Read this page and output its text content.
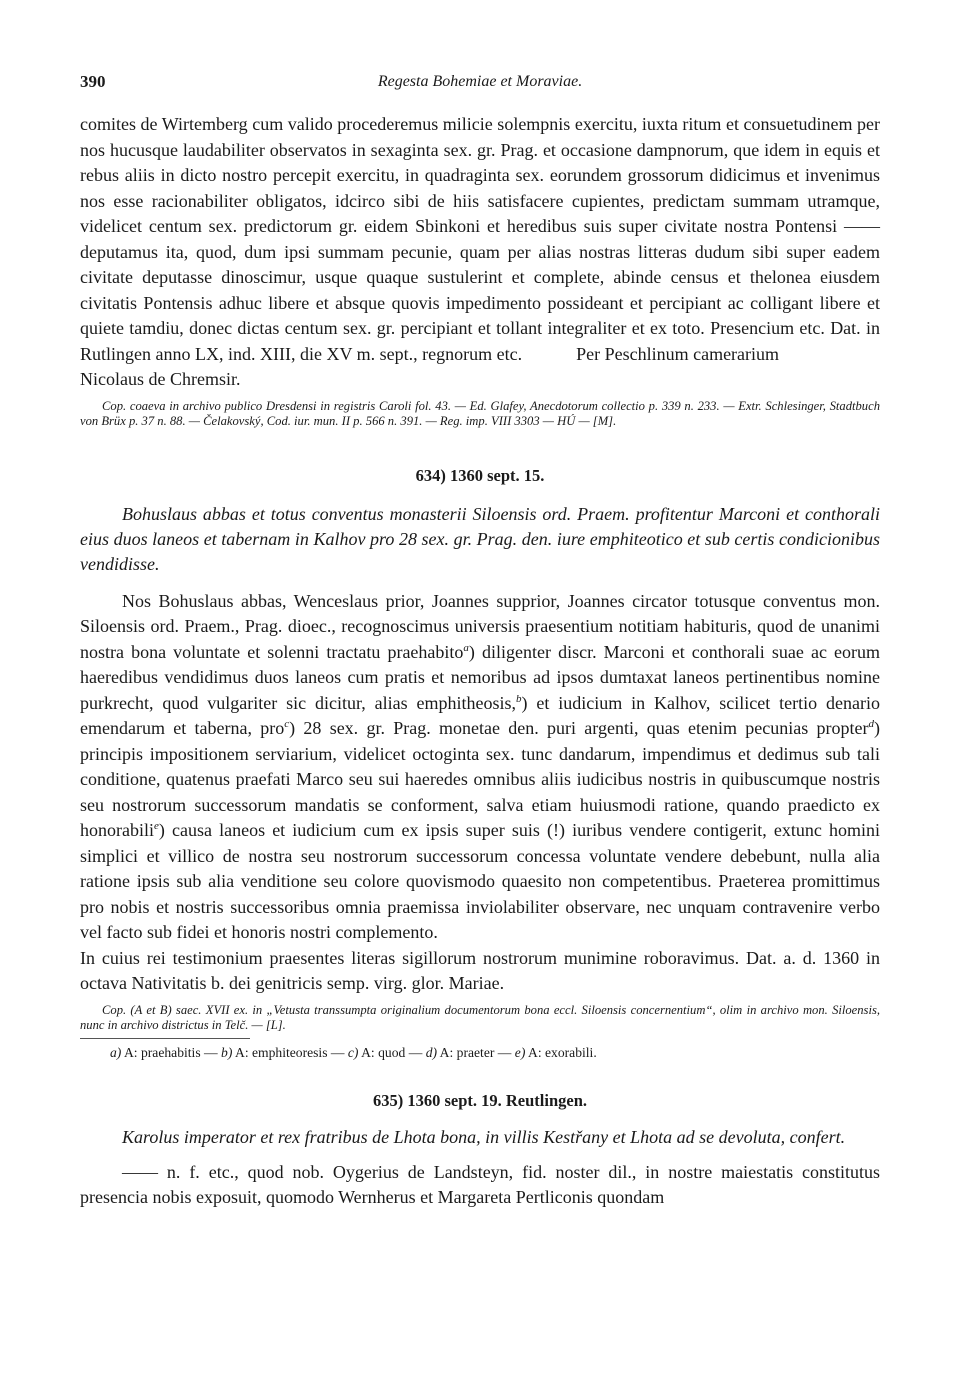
390	Regesta Bohemiae et Moraviae.

comites de Wirtemberg cum valido procederemus milicie solempnis exercitu, iuxta ritum et consuetudinem per nos hucusque laudabiliter observatos in sexaginta sex. gr. Prag. et occasione dampnorum, que idem in equis et rebus aliis in dicto nostro percepit exercitu, in quadraginta sex. eorundem grossorum didicimus et invenimus nos esse racionabiliter obligatos, idcirco sibi de hiis satisfacere cupientes, predictam summam utramque, videlicet centum sex. predictorum gr. eidem Sbinkoni et heredibus suis super civitate nostra Pontensi ―― deputamus ita, quod, dum ipsi summam pecunie, quam per alias nostras litteras dudum sibi super eadem civitate deputasse dinoscimur, usque quaque sustulerint et complete, abinde census et thelonea eiusdem civitatis Pontensis adhuc libere et absque quovis impedimento possideant et percipiant ac colligant libere et quiete tamdiu, donec dictas centum sex. gr. percipiant et tollant integraliter et ex toto. Presencium etc. Dat. in Rutlingen anno LX, ind. XIII, die XV m. sept., regnorum etc.	Per Peschlinum camerarium

Nicolaus de Chremsir.

Cop. coaeva in archivo publico Dresdensi in registris Caroli fol. 43. — Ed. Glafey, Anecdotorum collectio p. 339 n. 233. — Extr. Schlesinger, Stadtbuch von Brüx p. 37 n. 88. — Čelakovský, Cod. iur. mun. II p. 566 n. 391. — Reg. imp. VIII 3303 — HÚ — [M].

634) 1360 sept. 15.

Bohuslaus abbas et totus conventus monasterii Siloensis ord. Praem. profitentur Marconi et conthorali eius duos laneos et tabernam in Kalhov pro 28 sex. gr. Prag. den. iure emphiteotico et sub certis condicionibus vendidisse.

Nos Bohuslaus abbas, Wenceslaus prior, Joannes supprior, Joannes circator totusque conventus mon. Siloensis ord. Praem., Prag. dioec., recognoscimus universis praesentium notitiam habituris, quod de unanimi nostra bona voluntate et solenni tractatu praehabito$^a$) diligenter discr. Marconi et conthorali suae ac eorum haeredibus vendidimus duos laneos cum pratis et nemoribus ad ipsos dumtaxat laneos pertinentibus nomine purkrecht, quod vulgariter sic dicitur, alias emphitheosis,$^b$) et iudicium in Kalhov, scilicet tertio denario emendarum et taberna, pro$^c$) 28 sex. gr. Prag. monetae den. puri argenti, quas etenim pecunias propter$^d$) principis impositionem serviarium, videlicet octoginta sex. tunc dandarum, impendimus et dedimus sub tali conditione, quatenus praefati Marco seu sui haeredes omnibus aliis iudicibus nostris in quibuscumque nostris seu nostrorum successorum mandatis se conforment, salva etiam huiusmodi ratione, quando praedicto ex honorabili$^e$) causa laneos et iudicium cum ex ipsis super suis (!) iuribus vendere contigerit, extunc homini simplici et villico de nostra seu nostrorum successorum concessa voluntate vendere debebunt, nulla alia ratione ipsis sub alia venditione seu colore quovismodo quaesito non competentibus. Praeterea promittimus pro nobis et nostris successoribus omnia praemissa inviolabiliter observare, nec unquam contravenire verbo vel facto sub fidei et honoris nostri complemento.

In cuius rei testimonium praesentes literas sigillorum nostrorum munimine roboravimus. Dat. a. d. 1360 in octava Nativitatis b. dei genitricis semp. virg. glor. Mariae.

Cop. (A et B) saec. XVII ex. in „Vetusta transsumpta originalium documentorum bona eccl. Siloensis concernentium“, olim in archivo mon. Siloensis, nunc in archivo districtus in Telč. — [L].

a) A: praehabitis — b) A: emphiteoresis — c) A: quod — d) A: praeter — e) A: exorabili.

635) 1360 sept. 19. Reutlingen.

Karolus imperator et rex fratribus de Lhota bona, in villis Kestřany et Lhota ad se devoluta, confert.

―― n. f. etc., quod nob. Oygerius de Landsteyn, fid. noster dil., in nostre maiestatis constitutus presencia nobis exposuit, quomodo Wernherus et Margareta Pertliconis quondam
